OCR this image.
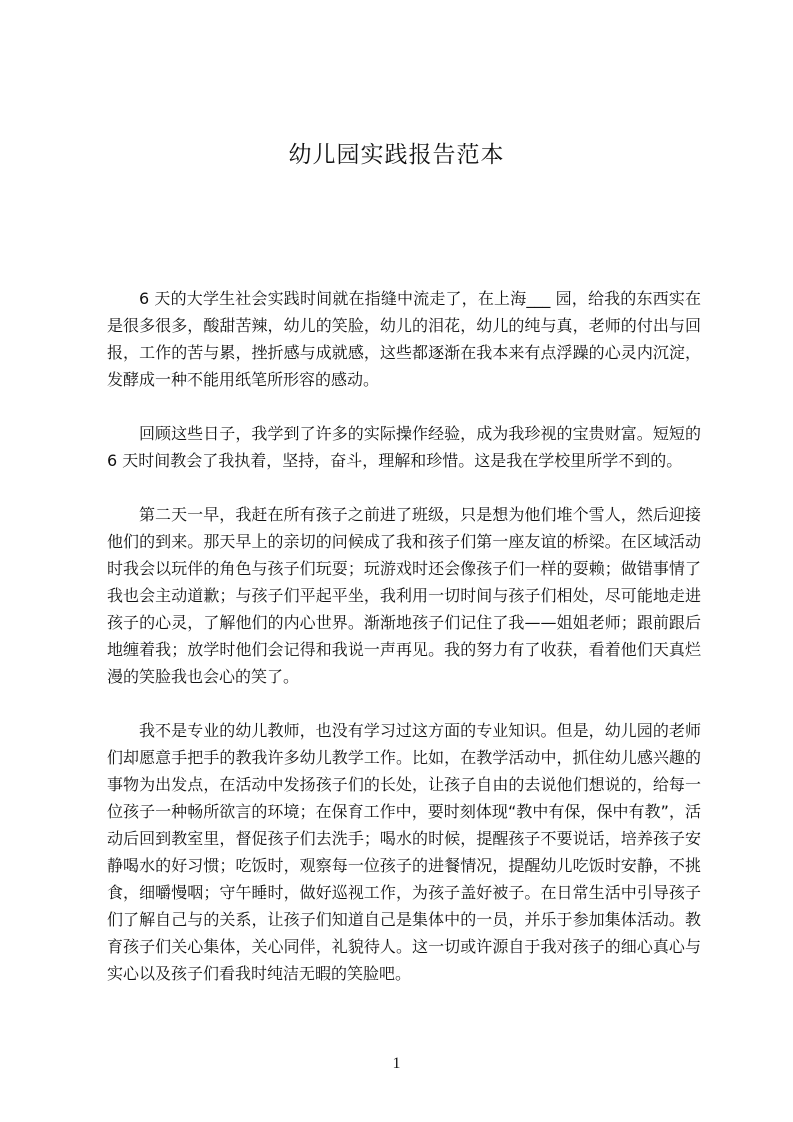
幼儿园实践报告范本

6 天的大学生社会实践时间就在指缝中流走了，在上海___ 园，给我的东西实在是很多很多，酸甜苦辣，幼儿的笑脸，幼儿的泪花，幼儿的纯与真，老师的付出与回报，工作的苦与累，挫折感与成就感，这些都逐渐在我本来有点浮躁的心灵内沉淀，发酵成一种不能用纸笔所形容的感动。

回顾这些日子，我学到了许多的实际操作经验，成为我珍视的宝贵财富。短短的6 天时间教会了我执着，坚持，奋斗，理解和珍惜。这是我在学校里所学不到的。

第二天一早，我赶在所有孩子之前进了班级，只是想为他们堆个雪人，然后迎接他们的到来。那天早上的亲切的问候成了我和孩子们第一座友谊的桥梁。在区域活动时我会以玩伴的角色与孩子们玩耍；玩游戏时还会像孩子们一样的耍赖；做错事情了我也会主动道歉；与孩子们平起平坐，我利用一切时间与孩子们相处，尽可能地走进孩子的心灵，了解他们的内心世界。渐渐地孩子们记住了我——姐姐老师；跟前跟后地缠着我；放学时他们会记得和我说一声再见。我的努力有了收获，看着他们天真烂漫的笑脸我也会心的笑了。

我不是专业的幼儿教师，也没有学习过这方面的专业知识。但是，幼儿园的老师们却愿意手把手的教我许多幼儿教学工作。比如，在教学活动中，抓住幼儿感兴趣的事物为出发点，在活动中发扬孩子们的长处，让孩子自由的去说他们想说的，给每一位孩子一种畅所欲言的环境；在保育工作中，要时刻体现“教中有保，保中有教”，活动后回到教室里，督促孩子们去洗手；喝水的时候，提醒孩子不要说话，培养孩子安静喝水的好习惯；吃饭时，观察每一位孩子的进餐情况，提醒幼儿吃饭时安静，不挑食，细嚼慢咽；守午睡时，做好巡视工作，为孩子盖好被子。在日常生活中引导孩子们了解自己与的关系，让孩子们知道自己是集体中的一员，并乐于参加集体活动。教育孩子们关心集体，关心同伴，礼貌待人。这一切或许源自于我对孩子的细心真心与实心以及孩子们看我时纯洁无暇的笑脸吧。

1
